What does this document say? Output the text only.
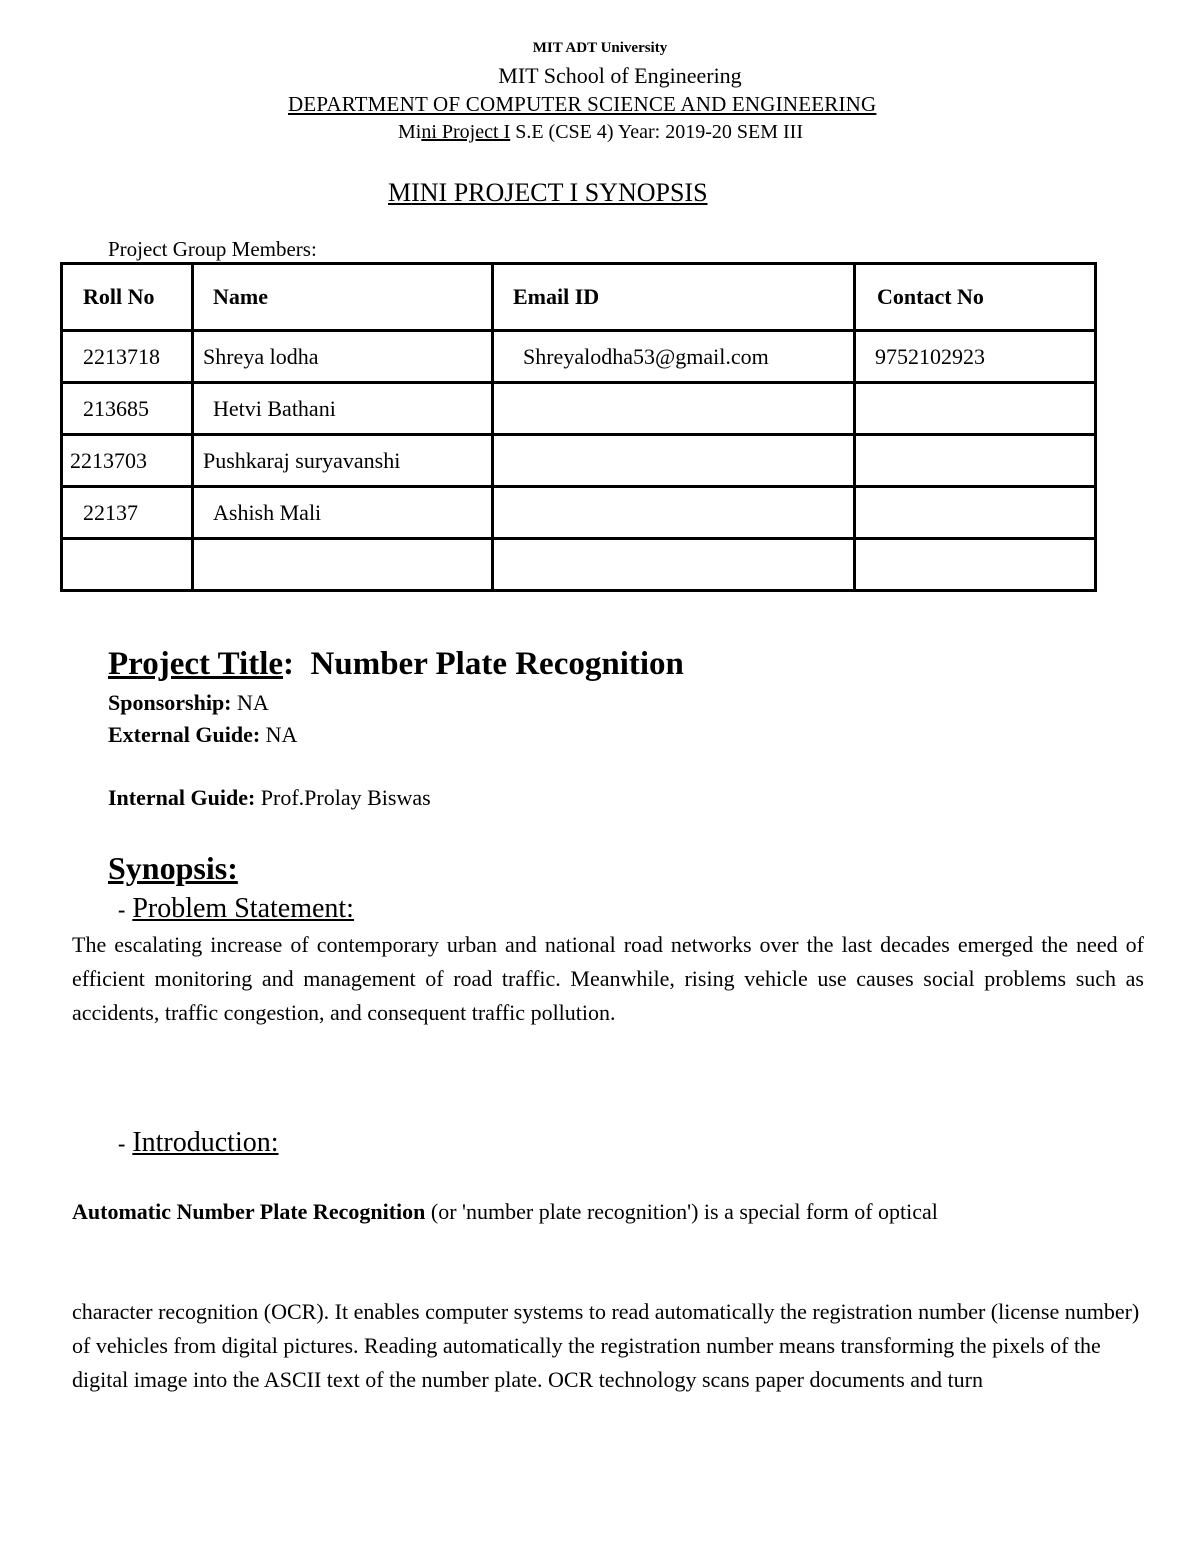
MIT ADT University
MIT School of Engineering
DEPARTMENT OF COMPUTER SCIENCE AND ENGINEERING
Mini Project I S.E (CSE 4) Year: 2019-20 SEM III
MINI PROJECT I SYNOPSIS
Project Group Members:
Roll No	Name	Email ID	Contact No
2213718	Shreya lodha	Shreyalodha53@gmail.com	9752102923
213685	Hetvi Bathani		
2213703	Pushkaraj suryavanshi		
22137	Ashish Mali		

Project Title:  Number Plate Recognition
Sponsorship: NA
External Guide: NA
Internal Guide: Prof.Prolay Biswas
Synopsis:
- Problem Statement:
The escalating increase of contemporary urban and national road networks over the last decades emerged the need of efficient monitoring and management of road traffic. Meanwhile, rising vehicle use causes social problems such as accidents, traffic congestion, and consequent traffic pollution.
- Introduction:
Automatic Number Plate Recognition (or 'number plate recognition') is a special form of optical
character recognition (OCR). It enables computer systems to read automatically the registration number (license number) of vehicles from digital pictures. Reading automatically the registration number means transforming the pixels of the digital image into the ASCII text of the number plate. OCR technology scans paper documents and turn
